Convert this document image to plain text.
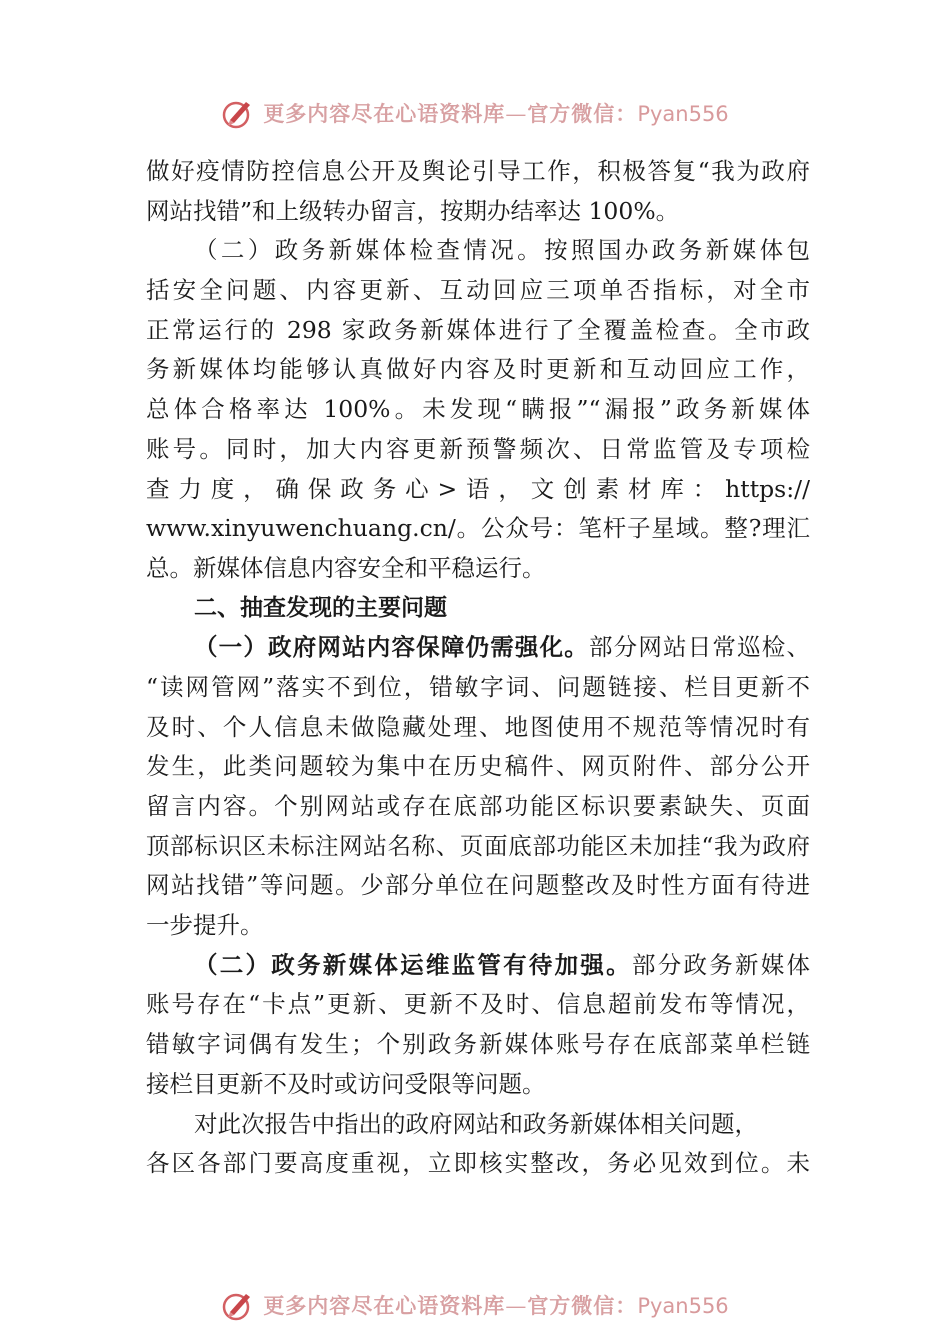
更多内容尽在心语资料库—官方微信：Pyan556
做好疫情防控信息公开及舆论引导工作，积极答复“我为政府
网站找错”和上级转办留言，按期办结率达 100%。
（二）政务新媒体检查情况。按照国办政务新媒体包
括安全问题、内容更新、互动回应三项单否指标，对全市
正常运行的 298 家政务新媒体进行了全覆盖检查。全市政
务新媒体均能够认真做好内容及时更新和互动回应工作，
总体合格率达 100%。未发现“瞒报”“漏报”政务新媒体
账号。同时，加大内容更新预警频次、日常监管及专项检
查力度，确保政务心>语，文创素材库：https://
www.xinyuwenchuang.cn/。公众号：笔杆子星域。整?理汇
总。新媒体信息内容安全和平稳运行。
二、抽查发现的主要问题
（一）政府网站内容保障仍需强化。部分网站日常巡检、
“读网管网”落实不到位，错敏字词、问题链接、栏目更新不
及时、个人信息未做隐藏处理、地图使用不规范等情况时有
发生，此类问题较为集中在历史稿件、网页附件、部分公开
留言内容。个别网站或存在底部功能区标识要素缺失、页面
顶部标识区未标注网站名称、页面底部功能区未加挂“我为政府
网站找错”等问题。少部分单位在问题整改及时性方面有待进
一步提升。
（二）政务新媒体运维监管有待加强。部分政务新媒体
账号存在“卡点”更新、更新不及时、信息超前发布等情况，
错敏字词偶有发生；个别政务新媒体账号存在底部菜单栏链
接栏目更新不及时或访问受限等问题。
对此次报告中指出的政府网站和政务新媒体相关问题，
各区各部门要高度重视，立即核实整改，务必见效到位。未
更多内容尽在心语资料库—官方微信：Pyan556
